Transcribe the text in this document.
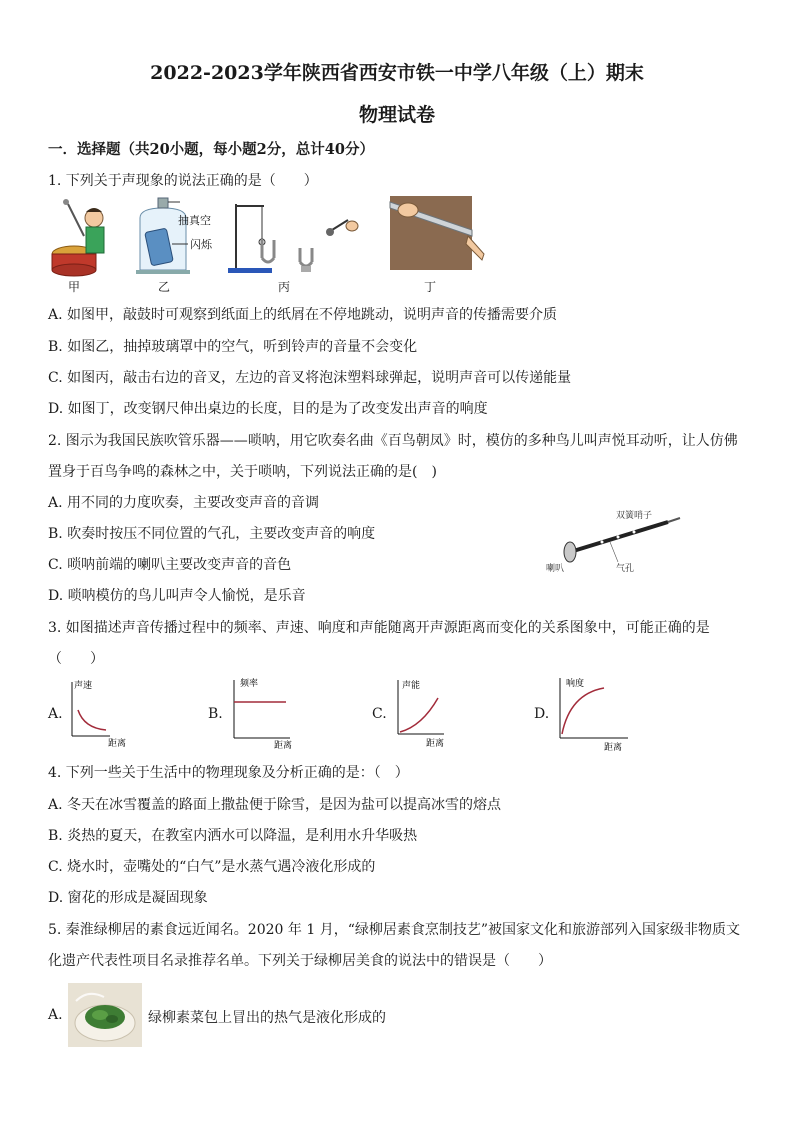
2022-2023学年陕西省西安市铁一中学八年级（上）期末
物理试卷
一．选择题（共20小题，每小题2分，总计40分）
1. 下列关于声现象的说法正确的是（　　）
抽真空
闪烁
甲	乙	丙	丁
A. 如图甲，敲鼓时可观察到纸面上的纸屑在不停地跳动，说明声音的传播需要介质
B. 如图乙，抽掉玻璃罩中的空气，听到铃声的音量不会变化
C. 如图丙，敲击右边的音叉，左边的音叉将泡沫塑料球弹起，说明声音可以传递能量
D. 如图丁，改变钢尺伸出桌边的长度，目的是为了改变发出声音的响度
2. 图示为我国民族吹管乐器——唢呐，用它吹奏名曲《百鸟朝凤》时，模仿的多种鸟儿叫声悦耳动听，让人仿佛
置身于百鸟争鸣的森林之中，关于唢呐，下列说法正确的是(　)
A. 用不同的力度吹奏，主要改变声音的音调
B. 吹奏时按压不同位置的气孔，主要改变声音的响度
C. 唢呐前端的喇叭主要改变声音的音色
D. 唢呐模仿的鸟儿叫声令人愉悦，是乐音
双簧哨子
喇叭	气孔
3. 如图描述声音传播过程中的频率、声速、响度和声能随离开声源距离而变化的关系图象中，可能正确的是
（　　）
A.
声速
距离
B.
频率
距离
C.
声能
距离
D.
响度
距离
4. 下列一些关于生活中的物理现象及分析正确的是：（　）
A. 冬天在冰雪覆盖的路面上撒盐便于除雪，是因为盐可以提高冰雪的熔点
B. 炎热的夏天，在教室内洒水可以降温，是利用水升华吸热
C. 烧水时，壶嘴处的“白气”是水蒸气遇冷液化形成的
D. 窗花的形成是凝固现象
5. 秦淮绿柳居的素食远近闻名。2020 年 1 月，“绿柳居素食烹制技艺”被国家文化和旅游部列入国家级非物质文
化遗产代表性项目名录推荐名单。下列关于绿柳居美食的说法中的错误是（　　）
A.	绿柳素菜包上冒出的热气是液化形成的
